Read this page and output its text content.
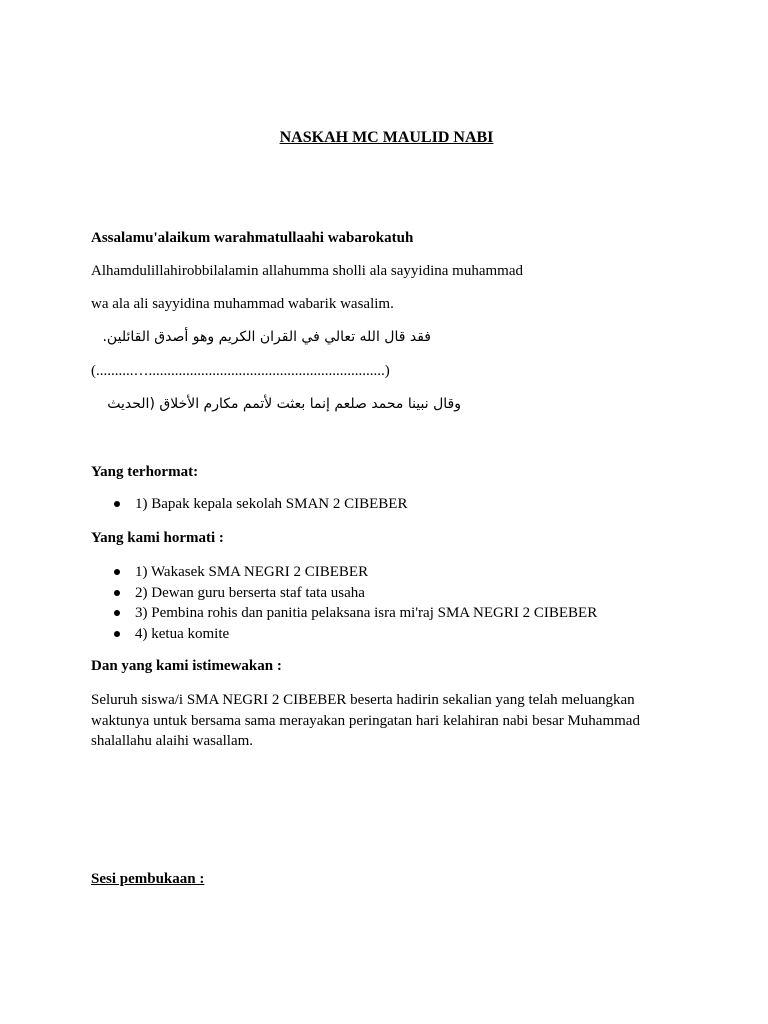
NASKAH MC MAULID NABI
Assalamu'alaikum warahmatullaahi wabarokatuh
Alhamdulillahirobbilalamin allahumma sholli ala sayyidina muhammad
wa ala ali sayyidina muhammad wabarik wasalim.
فقد قال الله تعالي في القران الكريم وهو أصدق القائلين.
(..........…...............................................................)
وقال نبينا محمد صلعم إنما بعثت لأتمم مكارم الأخلاق (الحديث
Yang terhormat:
1) Bapak kepala sekolah SMAN 2 CIBEBER
Yang kami hormati :
1) Wakasek SMA NEGRI 2 CIBEBER
2) Dewan guru berserta staf tata usaha
3) Pembina rohis dan panitia pelaksana isra mi'raj SMA NEGRI 2 CIBEBER
4) ketua komite
Dan yang kami istimewakan :
Seluruh siswa/i SMA NEGRI 2 CIBEBER beserta hadirin sekalian yang telah meluangkan waktunya untuk bersama sama merayakan peringatan hari kelahiran nabi besar Muhammad shalallahu alaihi wasallam.
Sesi pembukaan :
